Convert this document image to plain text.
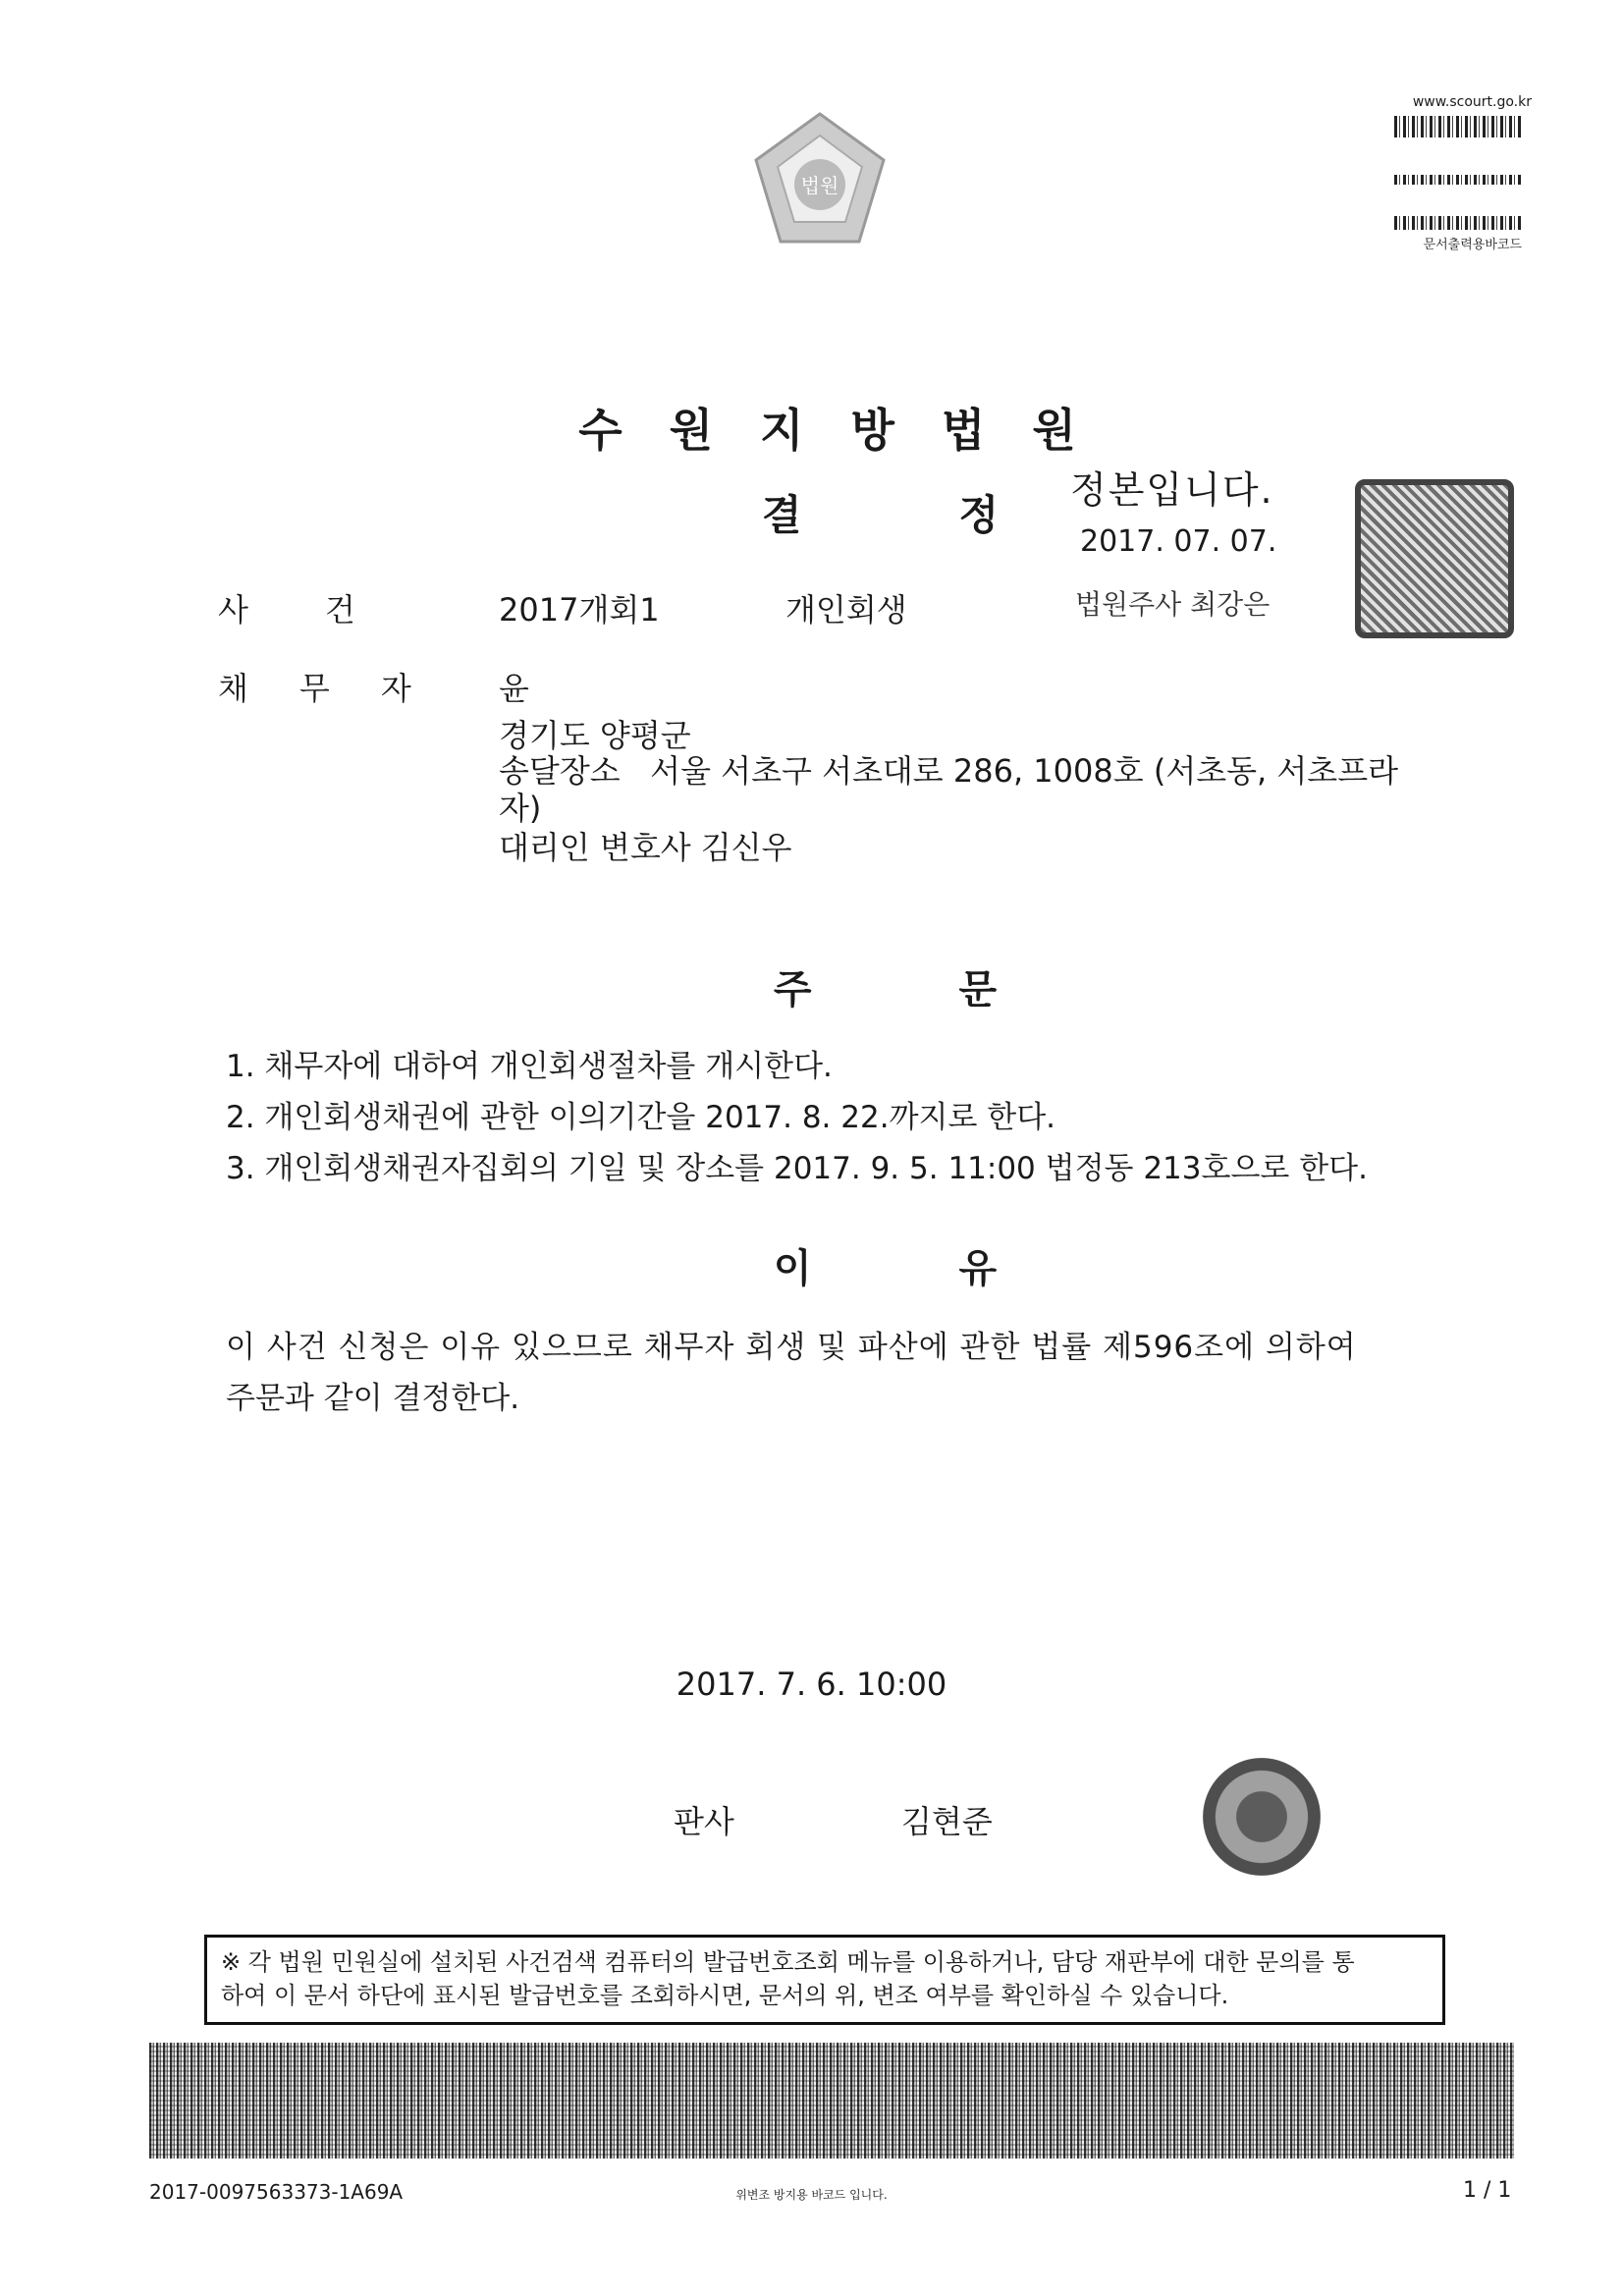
법원
www.scourt.go.kr
문서출력용바코드
수원지방법원
결정
정본입니다.
2017. 07. 07.
법원주사 최강은
사건 2017개회1	개인회생
채무자 윤
경기도 양평군
송달장소   서울 서초구 서초대로 286, 1008호 (서초동, 서초프라
자)
대리인 변호사 김신우
주문
1. 채무자에 대하여 개인회생절차를 개시한다.
2. 개인회생채권에 관한 이의기간을 2017. 8. 22.까지로 한다.
3. 개인회생채권자집회의 기일 및 장소를 2017. 9. 5. 11:00 법정동 213호으로 한다.
이유
이 사건 신청은 이유 있으므로 채무자 회생 및 파산에 관한 법률 제596조에 의하여
주문과 같이 결정한다.
2017. 7. 6. 10:00
판사	김현준
※ 각 법원 민원실에 설치된 사건검색 컴퓨터의 발급번호조회 메뉴를 이용하거나, 담당 재판부에 대한 문의를 통
하여 이 문서 하단에 표시된 발급번호를 조회하시면, 문서의 위, 변조 여부를 확인하실 수 있습니다.
2017-0097563373-1A69A	위변조 방지용 바코드 입니다.	1 / 1
